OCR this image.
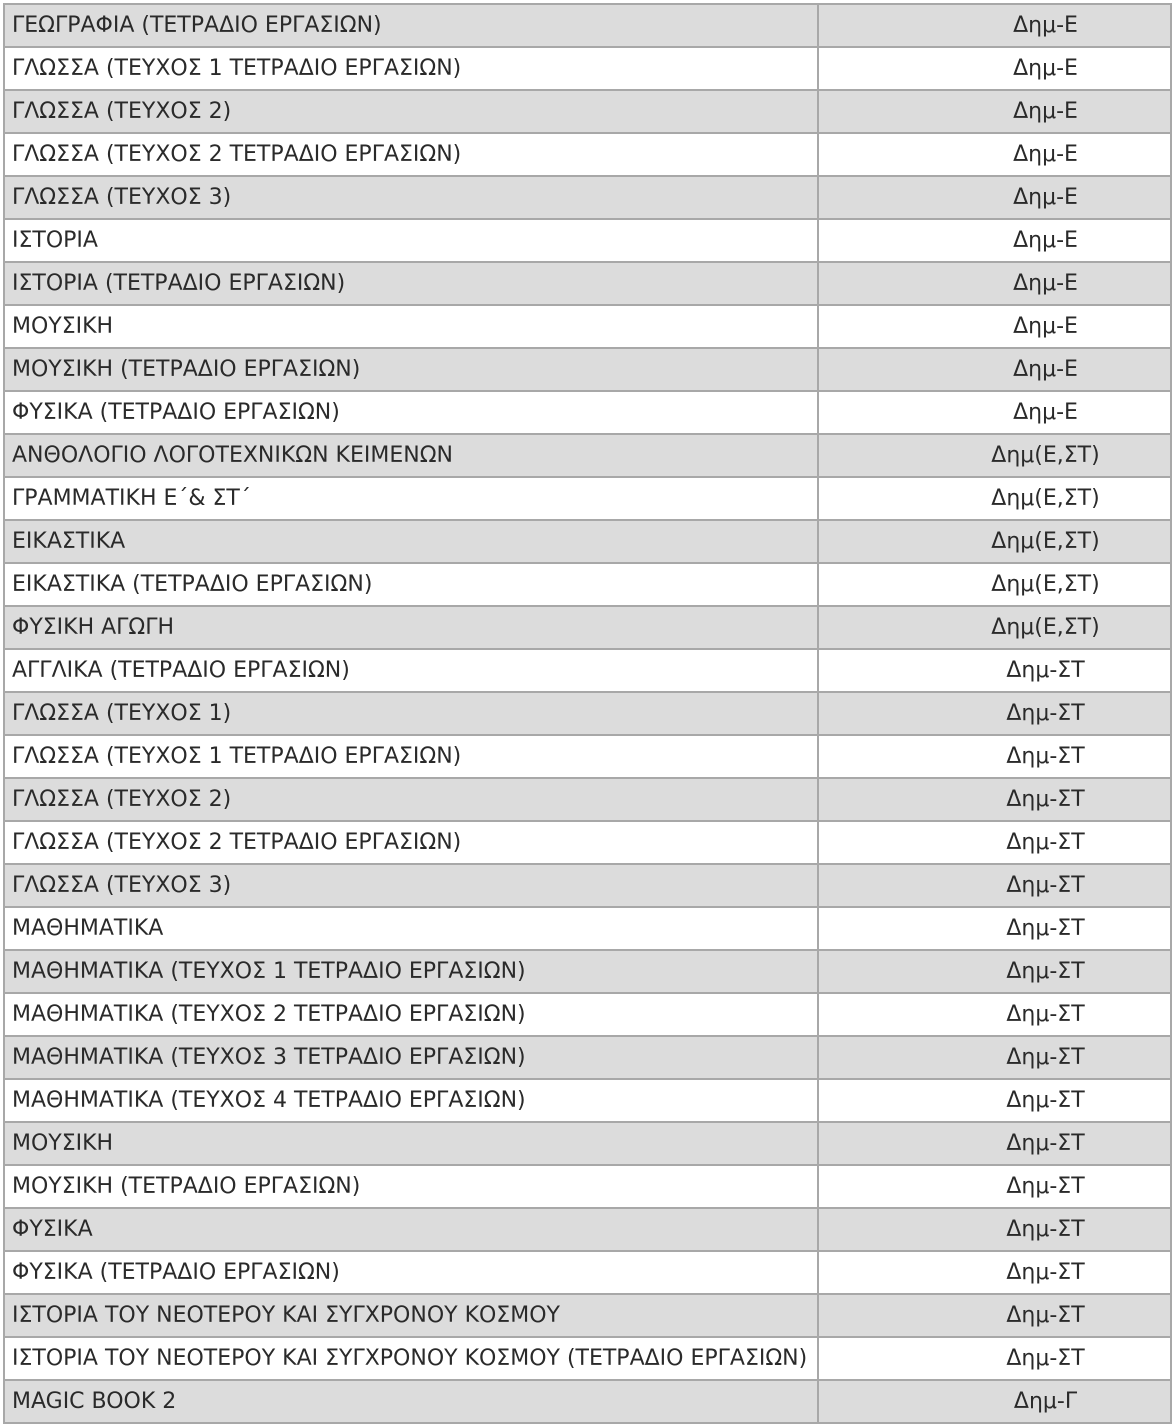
ΓΕΩΓΡΑΦΙΑ (ΤΕΤΡΑΔΙΟ ΕΡΓΑΣΙΩΝ)	Δημ-Ε
ΓΛΩΣΣΑ (ΤΕΥΧΟΣ 1 ΤΕΤΡΑΔΙΟ ΕΡΓΑΣΙΩΝ)	Δημ-Ε
ΓΛΩΣΣΑ (ΤΕΥΧΟΣ 2)	Δημ-Ε
ΓΛΩΣΣΑ (ΤΕΥΧΟΣ 2 ΤΕΤΡΑΔΙΟ ΕΡΓΑΣΙΩΝ)	Δημ-Ε
ΓΛΩΣΣΑ (ΤΕΥΧΟΣ 3)	Δημ-Ε
ΙΣΤΟΡΙΑ	Δημ-Ε
ΙΣΤΟΡΙΑ (ΤΕΤΡΑΔΙΟ ΕΡΓΑΣΙΩΝ)	Δημ-Ε
ΜΟΥΣΙΚΗ	Δημ-Ε
ΜΟΥΣΙΚΗ (ΤΕΤΡΑΔΙΟ ΕΡΓΑΣΙΩΝ)	Δημ-Ε
ΦΥΣΙΚΑ (ΤΕΤΡΑΔΙΟ ΕΡΓΑΣΙΩΝ)	Δημ-Ε
ΑΝΘΟΛΟΓΙΟ ΛΟΓΟΤΕΧΝΙΚΩΝ ΚΕΙΜΕΝΩΝ	Δημ(Ε,ΣΤ)
ΓΡΑΜΜΑΤΙΚΗ Ε΄& ΣΤ΄	Δημ(Ε,ΣΤ)
ΕΙΚΑΣΤΙΚΑ	Δημ(Ε,ΣΤ)
ΕΙΚΑΣΤΙΚΑ (ΤΕΤΡΑΔΙΟ ΕΡΓΑΣΙΩΝ)	Δημ(Ε,ΣΤ)
ΦΥΣΙΚΗ ΑΓΩΓΗ	Δημ(Ε,ΣΤ)
ΑΓΓΛΙΚΑ (ΤΕΤΡΑΔΙΟ ΕΡΓΑΣΙΩΝ)	Δημ-ΣΤ
ΓΛΩΣΣΑ (ΤΕΥΧΟΣ 1)	Δημ-ΣΤ
ΓΛΩΣΣΑ (ΤΕΥΧΟΣ 1 ΤΕΤΡΑΔΙΟ ΕΡΓΑΣΙΩΝ)	Δημ-ΣΤ
ΓΛΩΣΣΑ (ΤΕΥΧΟΣ 2)	Δημ-ΣΤ
ΓΛΩΣΣΑ (ΤΕΥΧΟΣ 2 ΤΕΤΡΑΔΙΟ ΕΡΓΑΣΙΩΝ)	Δημ-ΣΤ
ΓΛΩΣΣΑ (ΤΕΥΧΟΣ 3)	Δημ-ΣΤ
ΜΑΘΗΜΑΤΙΚΑ	Δημ-ΣΤ
ΜΑΘΗΜΑΤΙΚΑ (ΤΕΥΧΟΣ 1 ΤΕΤΡΑΔΙΟ ΕΡΓΑΣΙΩΝ)	Δημ-ΣΤ
ΜΑΘΗΜΑΤΙΚΑ (ΤΕΥΧΟΣ 2 ΤΕΤΡΑΔΙΟ ΕΡΓΑΣΙΩΝ)	Δημ-ΣΤ
ΜΑΘΗΜΑΤΙΚΑ (ΤΕΥΧΟΣ 3 ΤΕΤΡΑΔΙΟ ΕΡΓΑΣΙΩΝ)	Δημ-ΣΤ
ΜΑΘΗΜΑΤΙΚΑ (ΤΕΥΧΟΣ 4 ΤΕΤΡΑΔΙΟ ΕΡΓΑΣΙΩΝ)	Δημ-ΣΤ
ΜΟΥΣΙΚΗ	Δημ-ΣΤ
ΜΟΥΣΙΚΗ (ΤΕΤΡΑΔΙΟ ΕΡΓΑΣΙΩΝ)	Δημ-ΣΤ
ΦΥΣΙΚΑ	Δημ-ΣΤ
ΦΥΣΙΚΑ (ΤΕΤΡΑΔΙΟ ΕΡΓΑΣΙΩΝ)	Δημ-ΣΤ
ΙΣΤΟΡΙΑ ΤΟΥ ΝΕΟΤΕΡΟΥ ΚΑΙ ΣΥΓΧΡΟΝΟΥ ΚΟΣΜΟΥ	Δημ-ΣΤ
ΙΣΤΟΡΙΑ ΤΟΥ ΝΕΟΤΕΡΟΥ ΚΑΙ ΣΥΓΧΡΟΝΟΥ ΚΟΣΜΟΥ (ΤΕΤΡΑΔΙΟ ΕΡΓΑΣΙΩΝ)	Δημ-ΣΤ
MAGIC BOOK 2	Δημ-Γ
